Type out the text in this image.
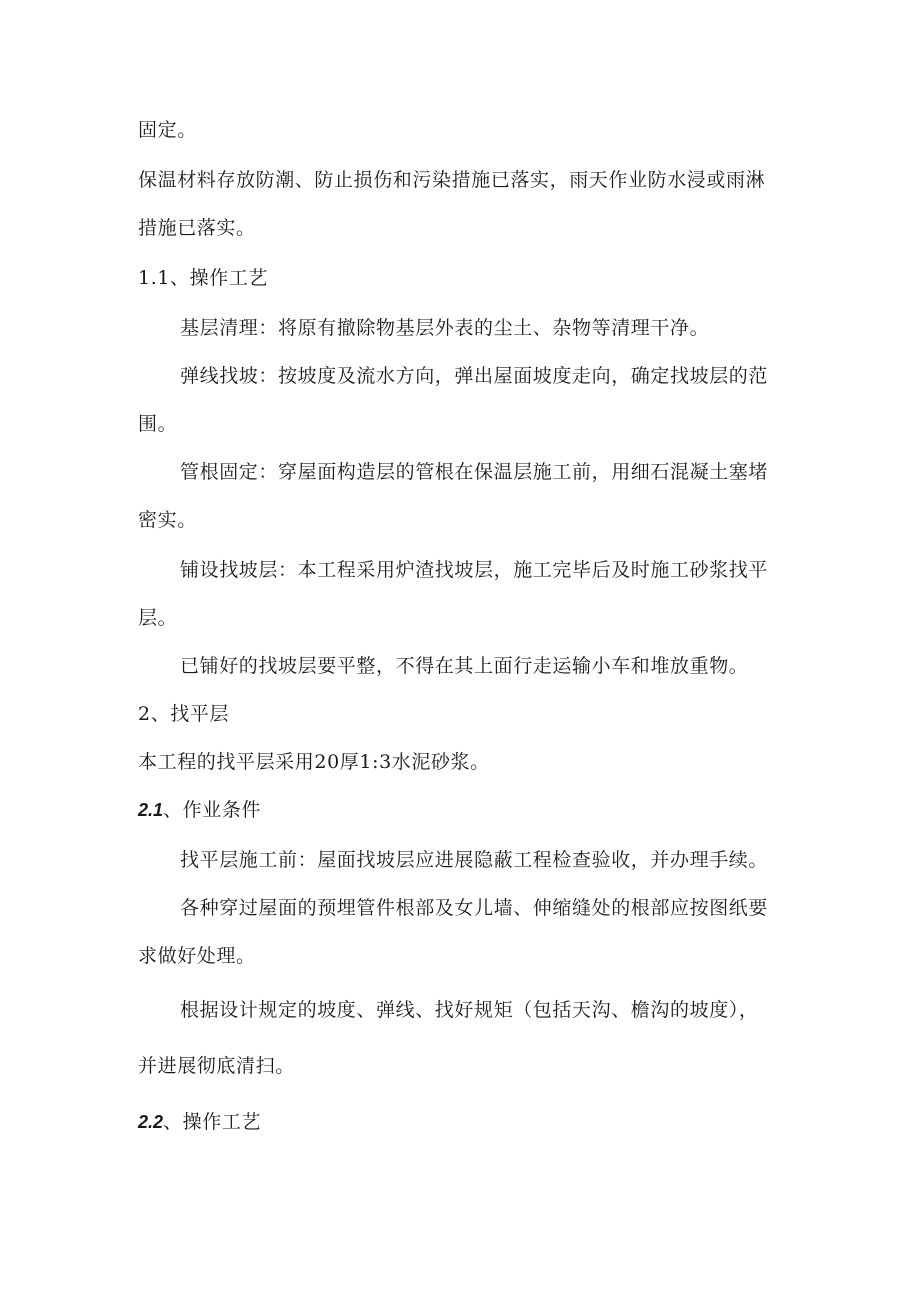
固定。
保温材料存放防潮、防止损伤和污染措施已落实，雨天作业防水浸或雨淋
措施已落实。
1.1、操作工艺
基层清理：将原有撤除物基层外表的尘土、杂物等清理干净。
弹线找坡：按坡度及流水方向，弹出屋面坡度走向，确定找坡层的范
围。
管根固定：穿屋面构造层的管根在保温层施工前，用细石混凝土塞堵
密实。
铺设找坡层：本工程采用炉渣找坡层，施工完毕后及时施工砂浆找平
层。
已铺好的找坡层要平整，不得在其上面行走运输小车和堆放重物。
2、找平层
本工程的找平层采用20厚1:3水泥砂浆。
2.1、作业条件
找平层施工前：屋面找坡层应进展隐蔽工程检查验收，并办理手续。
各种穿过屋面的预埋管件根部及女儿墙、伸缩缝处的根部应按图纸要
求做好处理。
根据设计规定的坡度、弹线、找好规矩（包括天沟、檐沟的坡度），
并进展彻底清扫。
2.2、操作工艺
